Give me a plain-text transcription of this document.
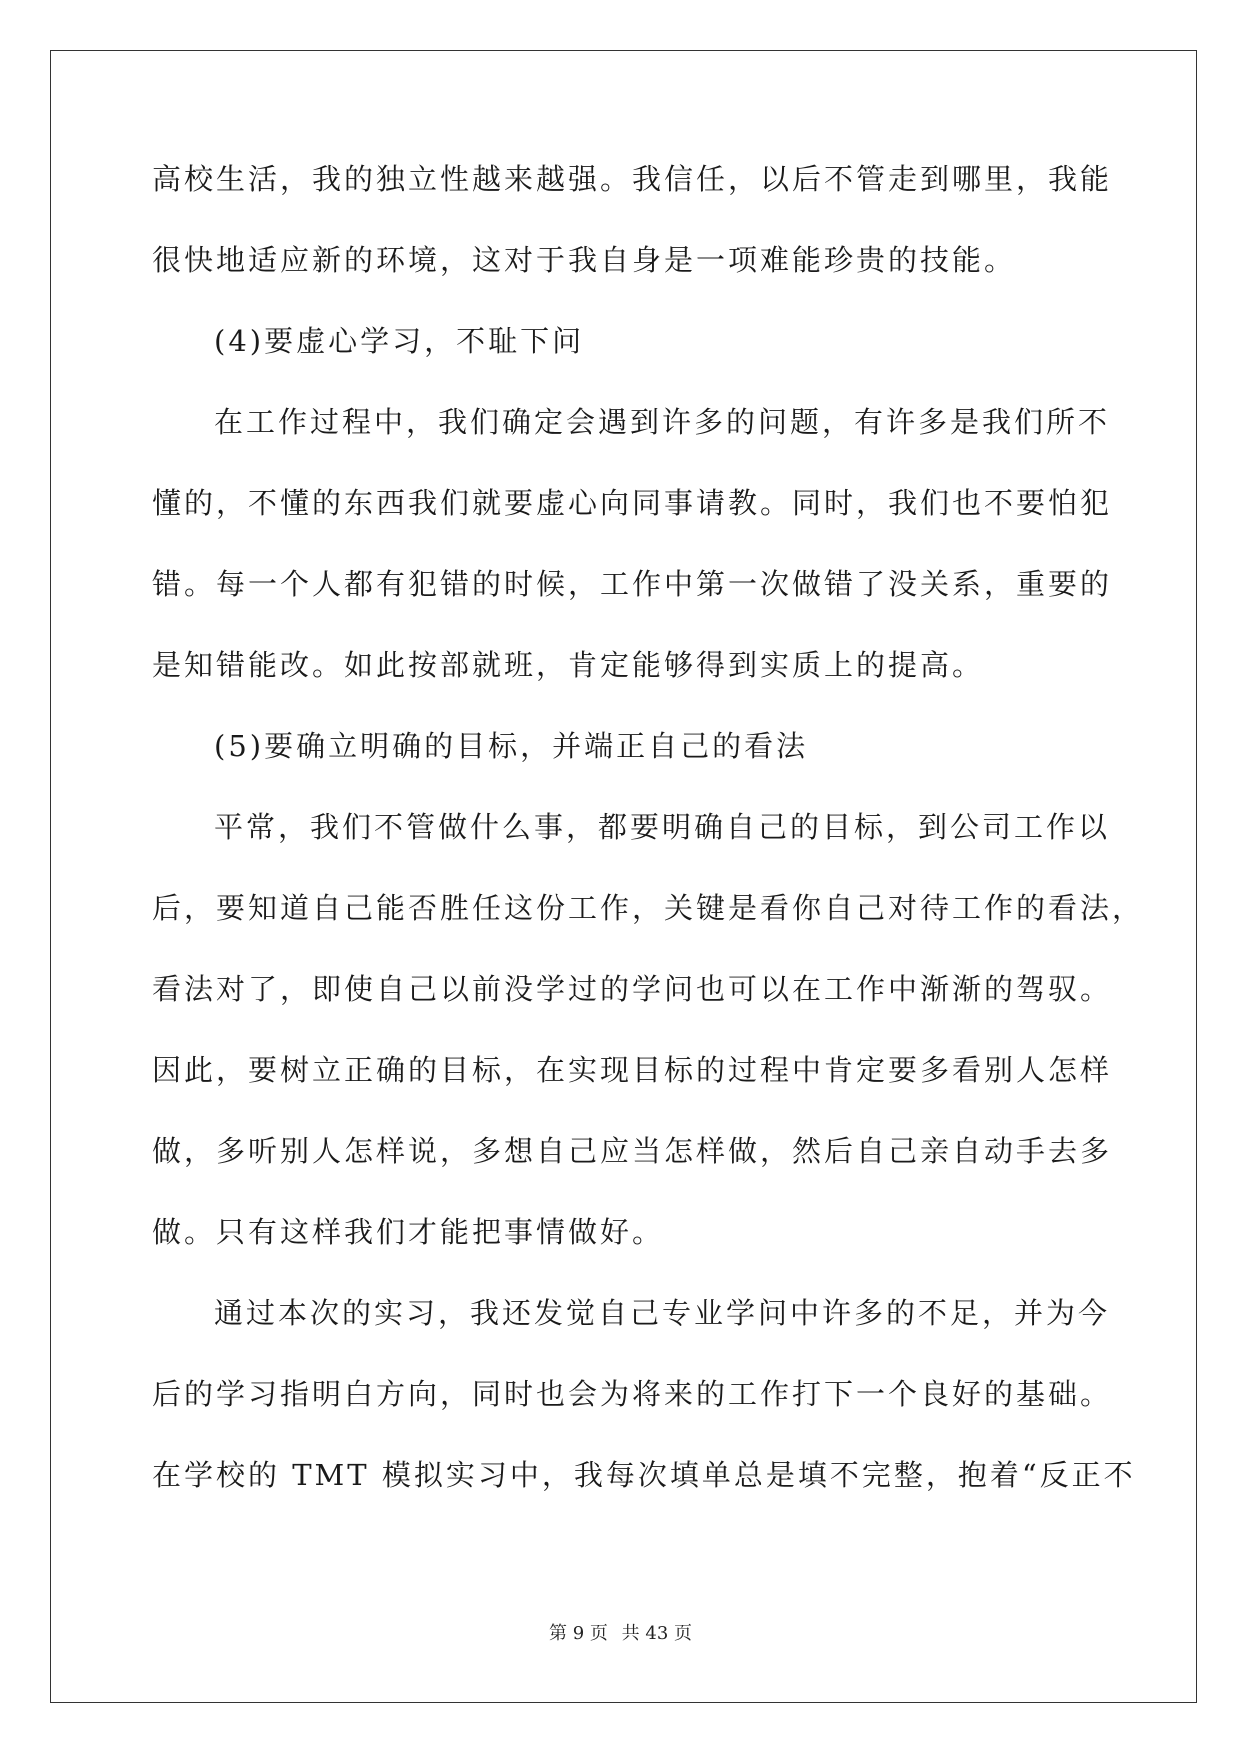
高校生活，我的独立性越来越强。我信任，以后不管走到哪里，我能
很快地适应新的环境，这对于我自身是一项难能珍贵的技能。
(4)要虚心学习，不耻下问
在工作过程中，我们确定会遇到许多的问题，有许多是我们所不
懂的，不懂的东西我们就要虚心向同事请教。同时，我们也不要怕犯
错。每一个人都有犯错的时候，工作中第一次做错了没关系，重要的
是知错能改。如此按部就班，肯定能够得到实质上的提高。
(5)要确立明确的目标，并端正自己的看法
平常，我们不管做什么事，都要明确自己的目标，到公司工作以
后，要知道自己能否胜任这份工作，关键是看你自己对待工作的看法，
看法对了，即使自己以前没学过的学问也可以在工作中渐渐的驾驭。
因此，要树立正确的目标，在实现目标的过程中肯定要多看别人怎样
做，多听别人怎样说，多想自己应当怎样做，然后自己亲自动手去多
做。只有这样我们才能把事情做好。
通过本次的实习，我还发觉自己专业学问中许多的不足，并为今
后的学习指明白方向，同时也会为将来的工作打下一个良好的基础。
在学校的 TMT 模拟实习中，我每次填单总是填不完整，抱着“反正不
第 9 页 共 43 页
